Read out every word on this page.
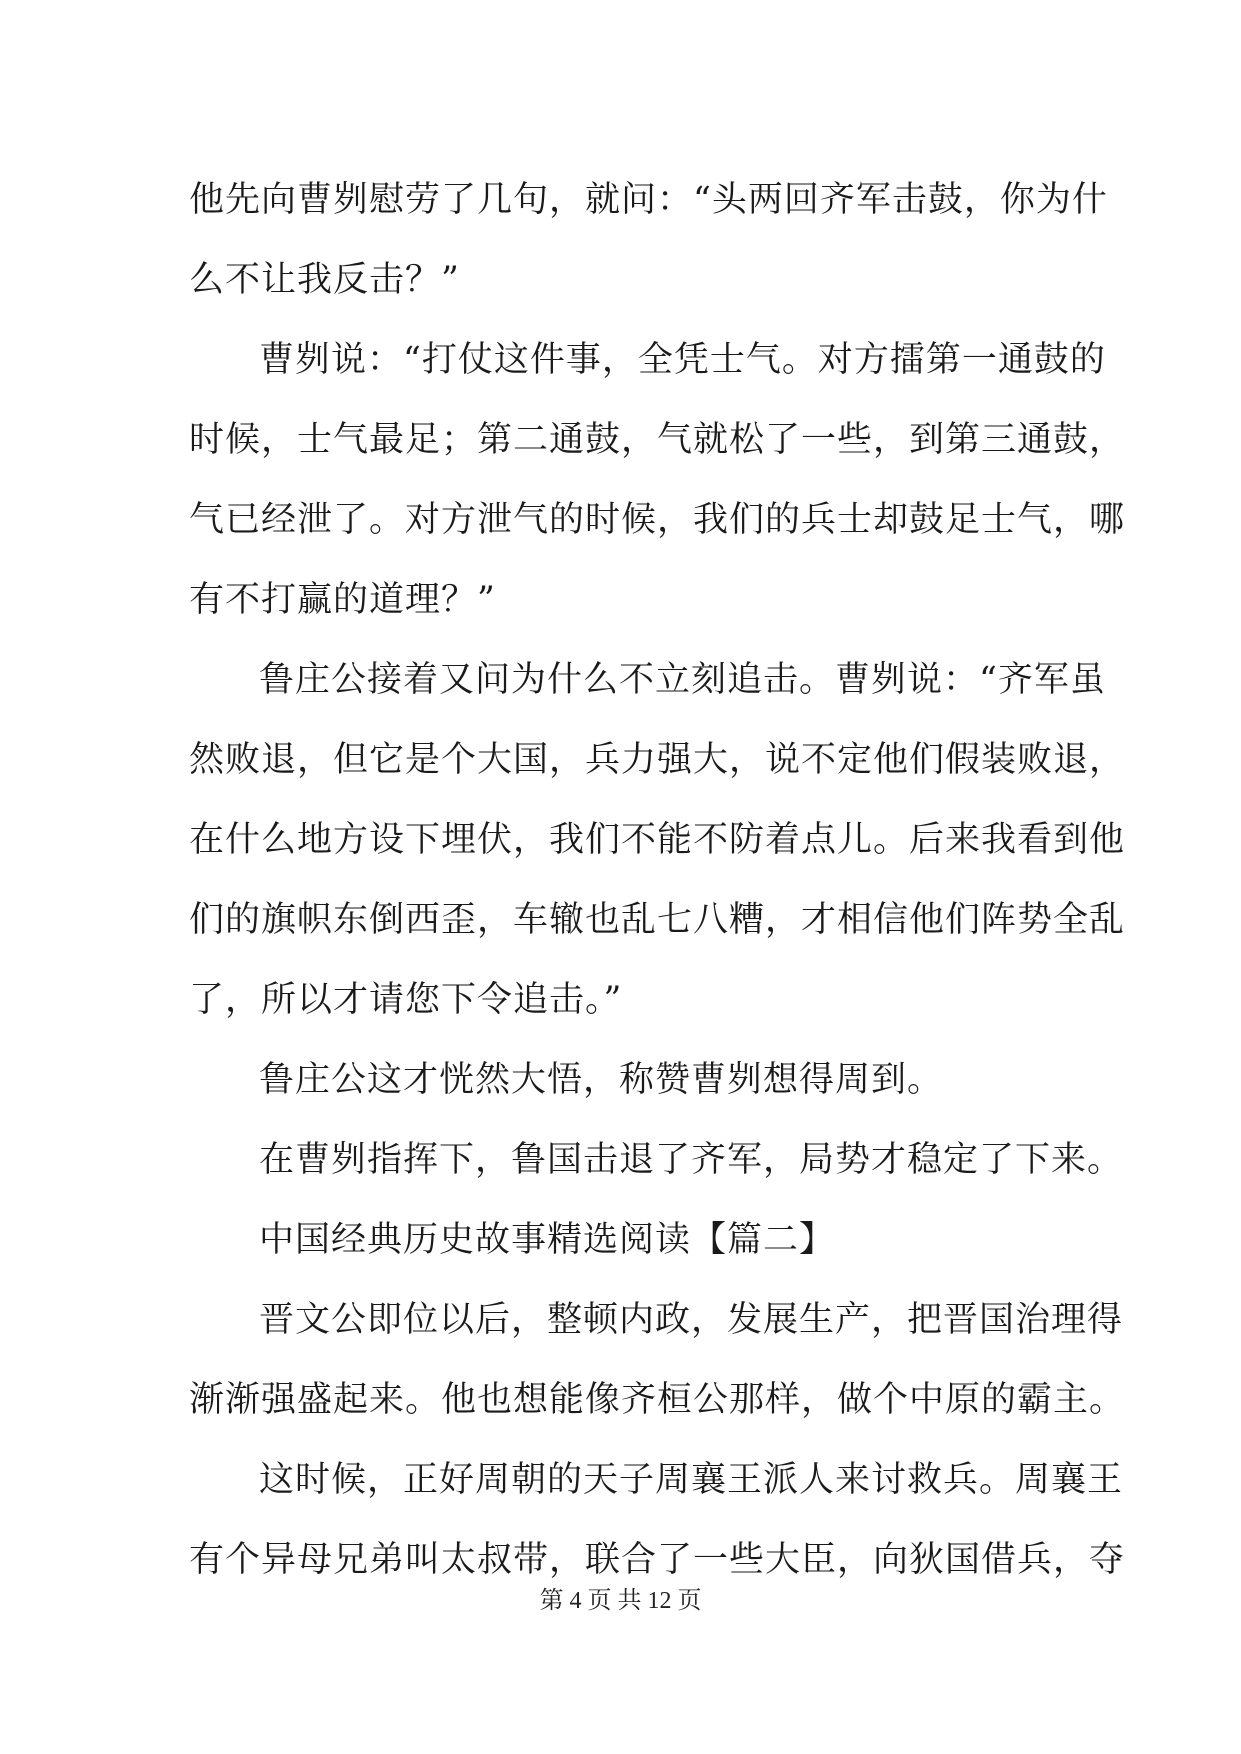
他先向曹刿慰劳了几句，就问：“头两回齐军击鼓，你为什
么不让我反击？”
曹刿说：“打仗这件事，全凭士气。对方擂第一通鼓的
时候，士气最足；第二通鼓，气就松了一些，到第三通鼓，
气已经泄了。对方泄气的时候，我们的兵士却鼓足士气，哪
有不打赢的道理？”
鲁庄公接着又问为什么不立刻追击。曹刿说：“齐军虽
然败退，但它是个大国，兵力强大，说不定他们假装败退，
在什么地方设下埋伏，我们不能不防着点儿。后来我看到他
们的旗帜东倒西歪，车辙也乱七八糟，才相信他们阵势全乱
了，所以才请您下令追击。”
鲁庄公这才恍然大悟，称赞曹刿想得周到。
在曹刿指挥下，鲁国击退了齐军，局势才稳定了下来。
中国经典历史故事精选阅读【篇二】
晋文公即位以后，整顿内政，发展生产，把晋国治理得
渐渐强盛起来。他也想能像齐桓公那样，做个中原的霸主。
这时候，正好周朝的天子周襄王派人来讨救兵。周襄王
有个异母兄弟叫太叔带，联合了一些大臣，向狄国借兵，夺
第 4 页 共 12 页
